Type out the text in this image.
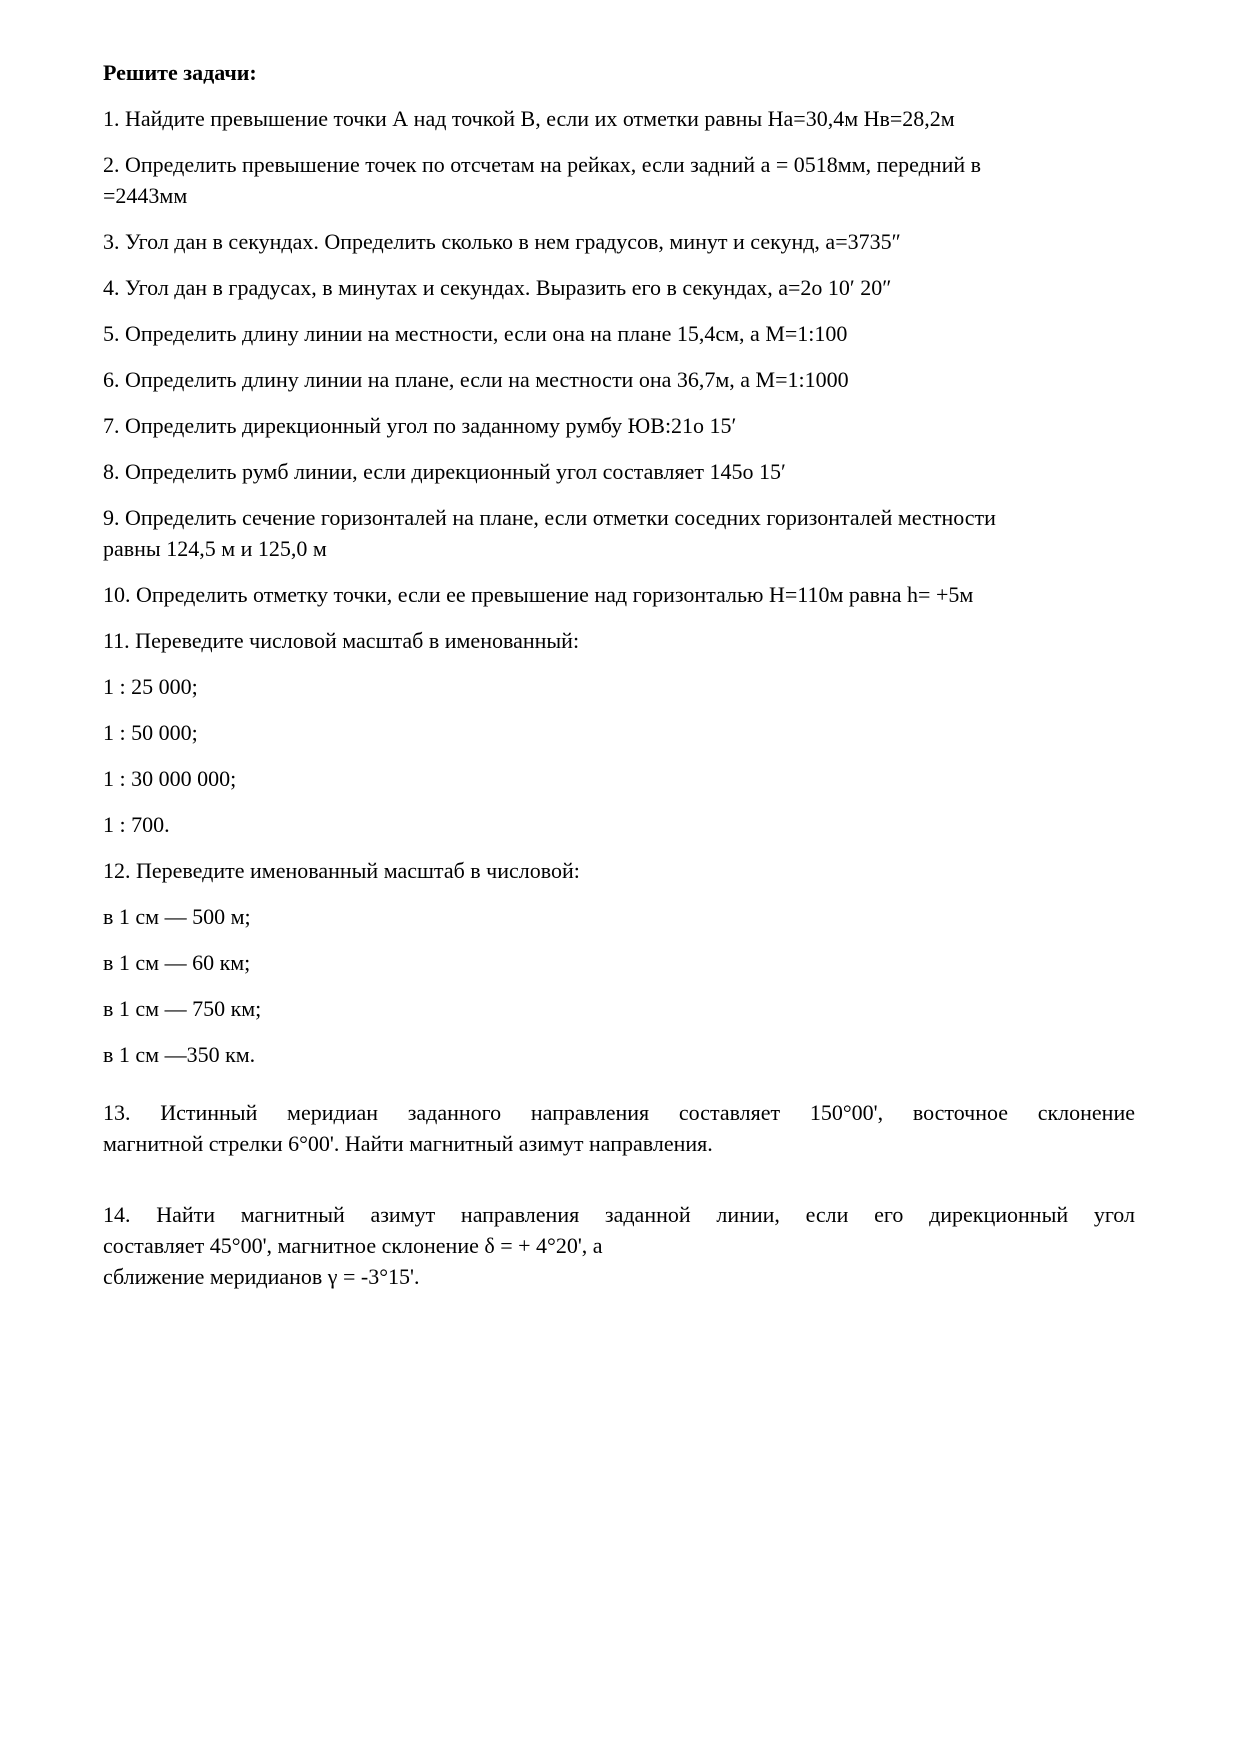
Решите задачи:

1. Найдите превышение точки А над точкой В, если их отметки равны На=30,4м Нв=28,2м
2. Определить превышение точек по отсчетам на рейках, если задний а = 0518мм, передний в
=2443мм
3. Угол дан в секундах. Определить сколько в нем градусов, минут и секунд, а=3735″
4. Угол дан в градусах, в минутах и секундах. Выразить его в секундах, а=2о 10′ 20″
5. Определить длину линии на местности, если она на плане 15,4см, а М=1:100
6. Определить длину линии на плане, если на местности она 36,7м, а М=1:1000
7. Определить дирекционный угол по заданному румбу ЮВ:21о 15′
8. Определить румб линии, если дирекционный угол составляет 145о 15′
9. Определить сечение горизонталей на плане, если отметки соседних горизонталей местности
равны 124,5 м и 125,0 м
10. Определить отметку точки, если ее превышение над горизонталью Н=110м равна h= +5м
11. Переведите числовой масштаб в именованный:
1 : 25 000;
1 : 50 000;
1 : 30 000 000;
1 : 700.
12. Переведите именованный масштаб в числовой:
в 1 см — 500 м;
в 1 см — 60 км;
в 1 см — 750 км;
в 1 см —350 км.
13. Истинный меридиан заданного направления составляет 150°00', восточное склонение
магнитной стрелки 6°00'. Найти магнитный азимут направления.
14. Найти магнитный азимут направления заданной линии, если его дирекционный угол
составляет 45°00', магнитное склонение δ = + 4°20', а
сближение меридианов γ = -3°15'.
